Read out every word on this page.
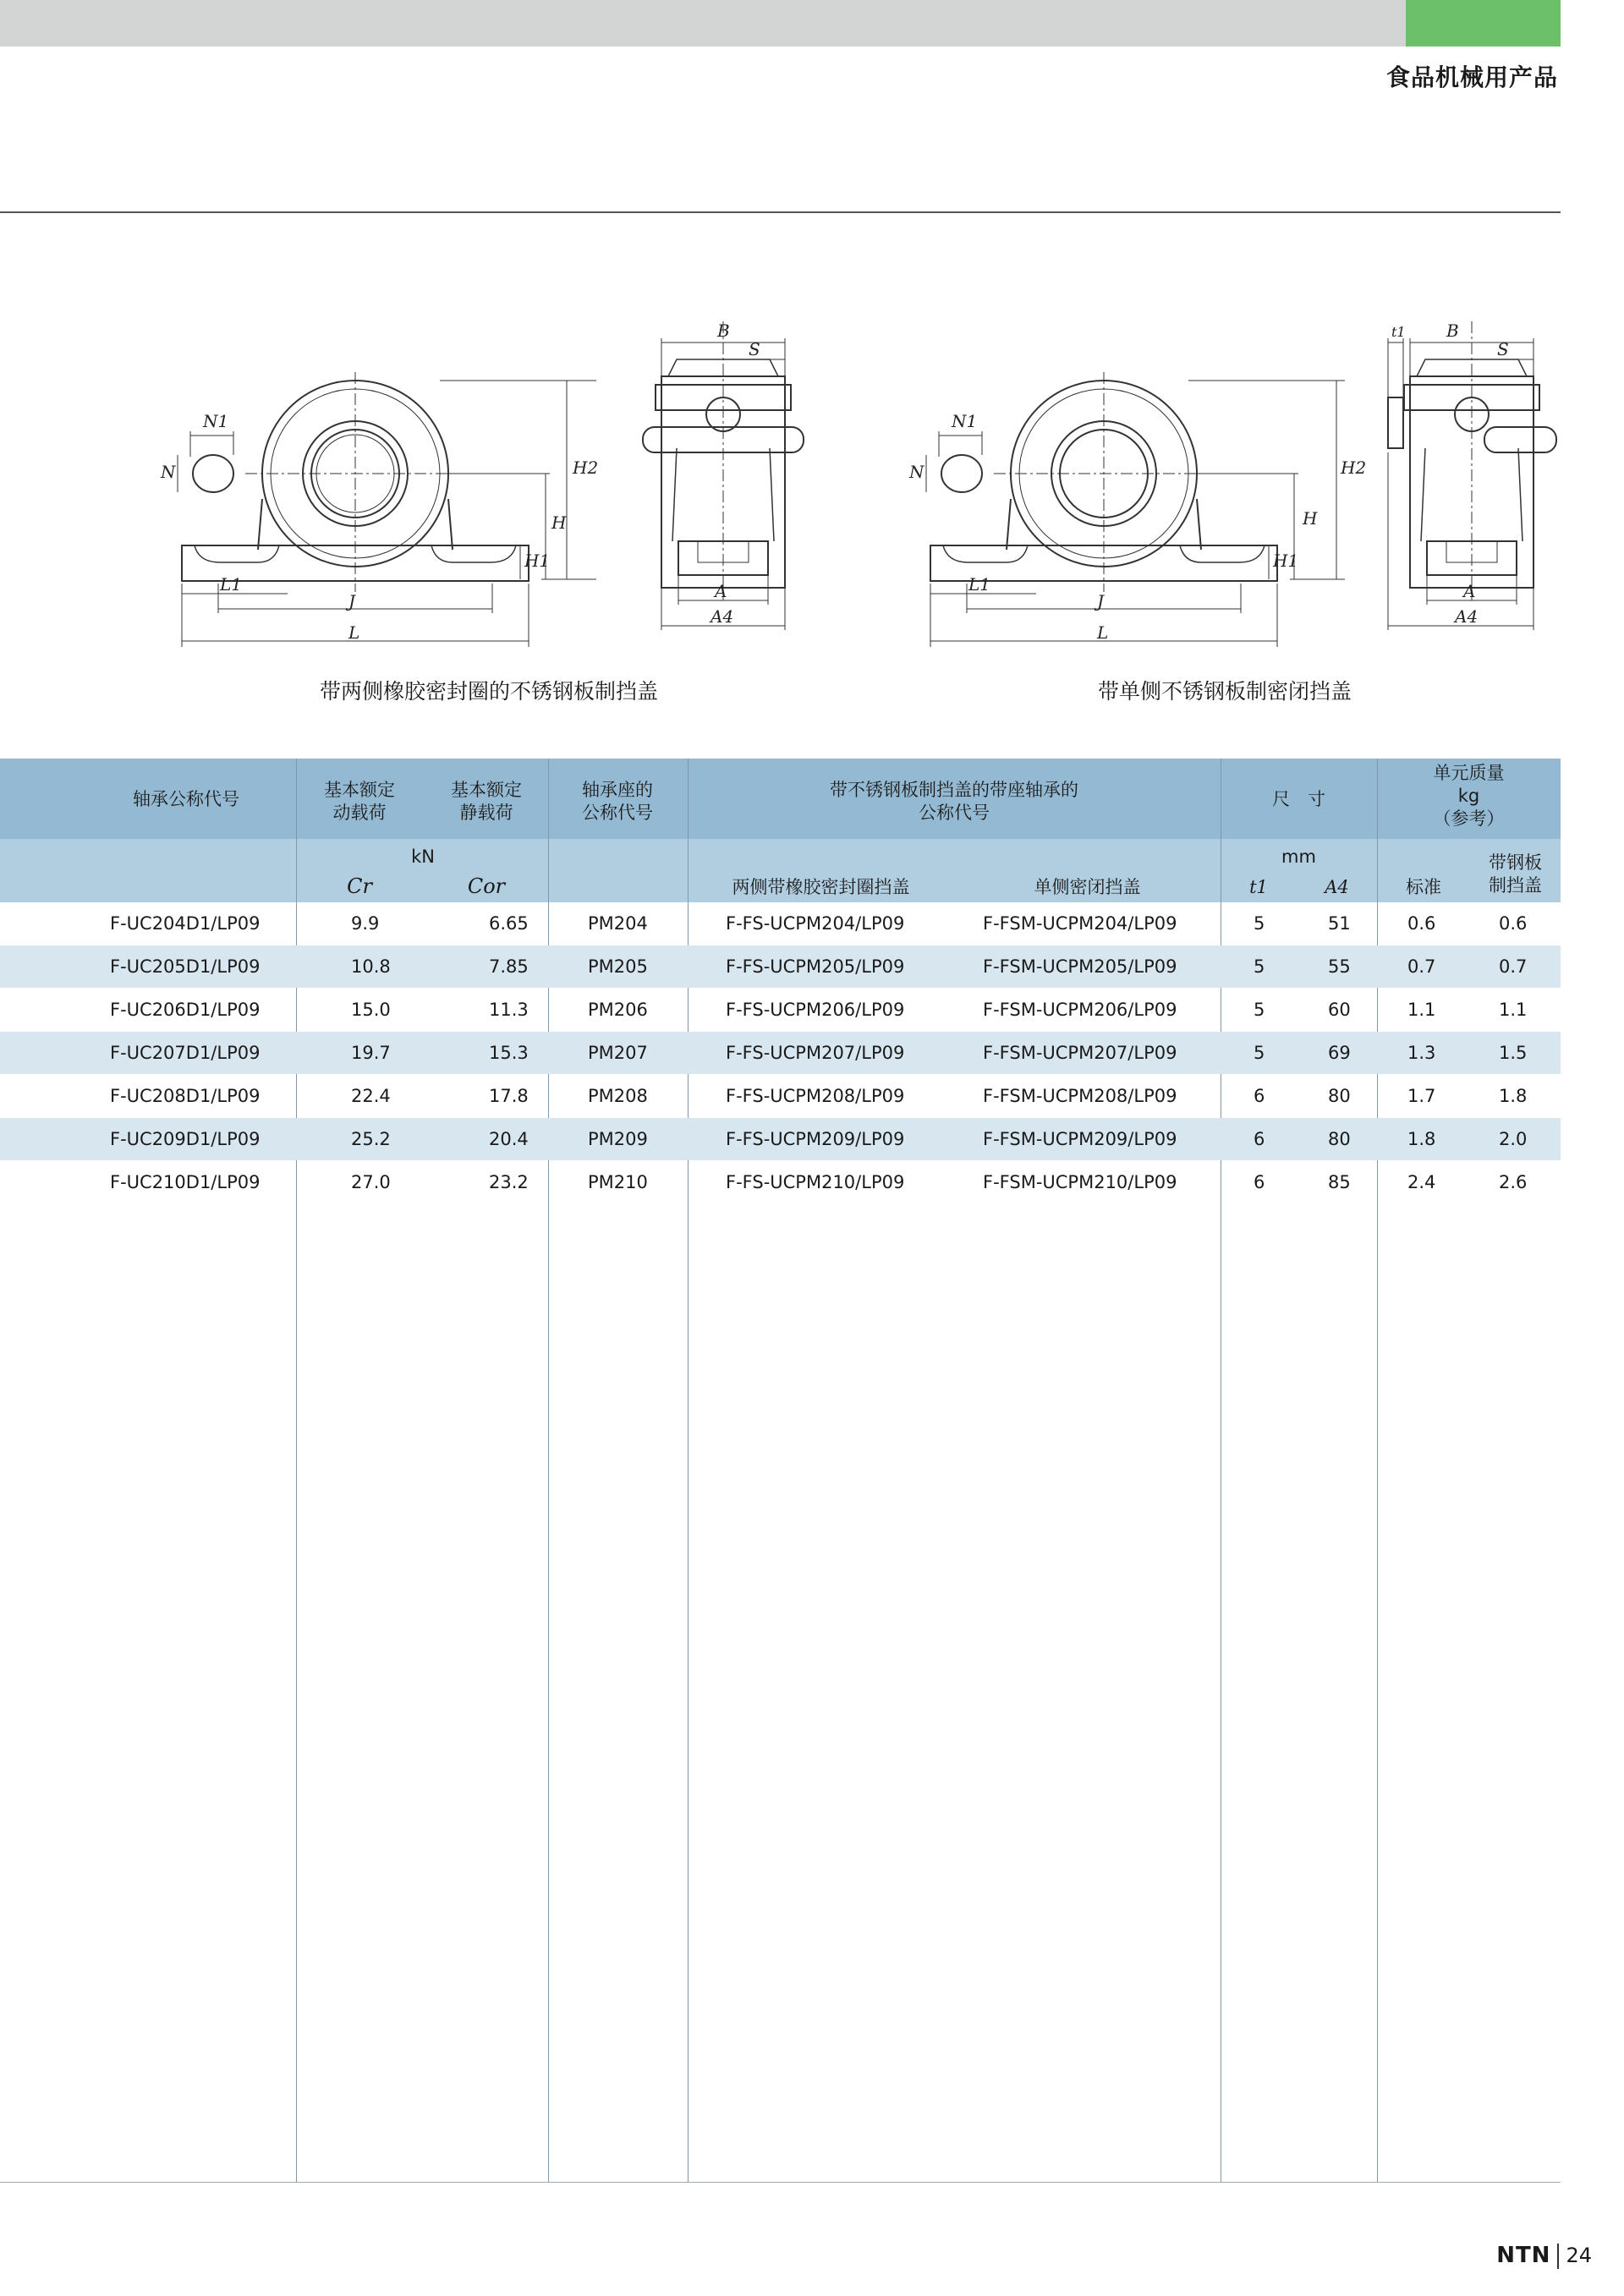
食品机械用产品
N1
N
L1
J
L
H
H1
H2
B
S
A
A4
N1
N
L1
J
L
H
H1
H2
t1 B
S
A
A4
带两侧橡胶密封圈的不锈钢板制挡盖	带单侧不锈钢板制密闭挡盖
轴承公称代号	基本额定
动载荷
基本额定
静载荷
kN
Cr	Cor
轴承座的
公称代号
带不锈钢板制挡盖的带座轴承的
公称代号
两侧带橡胶密封圈挡盖	单侧密闭挡盖
尺　寸
mm
t1	A4
单元质量
kg
（参考）
标准
带钢板
制挡盖
F-UC204D1/LP09	9.9	6.65	PM204	F-FS-UCPM204/LP09	F-FSM-UCPM204/LP09	5	51	0.6	0.6
F-UC205D1/LP09	10.8	7.85	PM205	F-FS-UCPM205/LP09	F-FSM-UCPM205/LP09	5	55	0.7	0.7
F-UC206D1/LP09	15.0	11.3	PM206	F-FS-UCPM206/LP09	F-FSM-UCPM206/LP09	5	60	1.1	1.1
F-UC207D1/LP09	19.7	15.3	PM207	F-FS-UCPM207/LP09	F-FSM-UCPM207/LP09	5	69	1.3	1.5
F-UC208D1/LP09	22.4	17.8	PM208	F-FS-UCPM208/LP09	F-FSM-UCPM208/LP09	6	80	1.7	1.8
F-UC209D1/LP09	25.2	20.4	PM209	F-FS-UCPM209/LP09	F-FSM-UCPM209/LP09	6	80	1.8	2.0
F-UC210D1/LP09	27.0	23.2	PM210	F-FS-UCPM210/LP09	F-FSM-UCPM210/LP09	6	85	2.4	2.6
NTN 24
